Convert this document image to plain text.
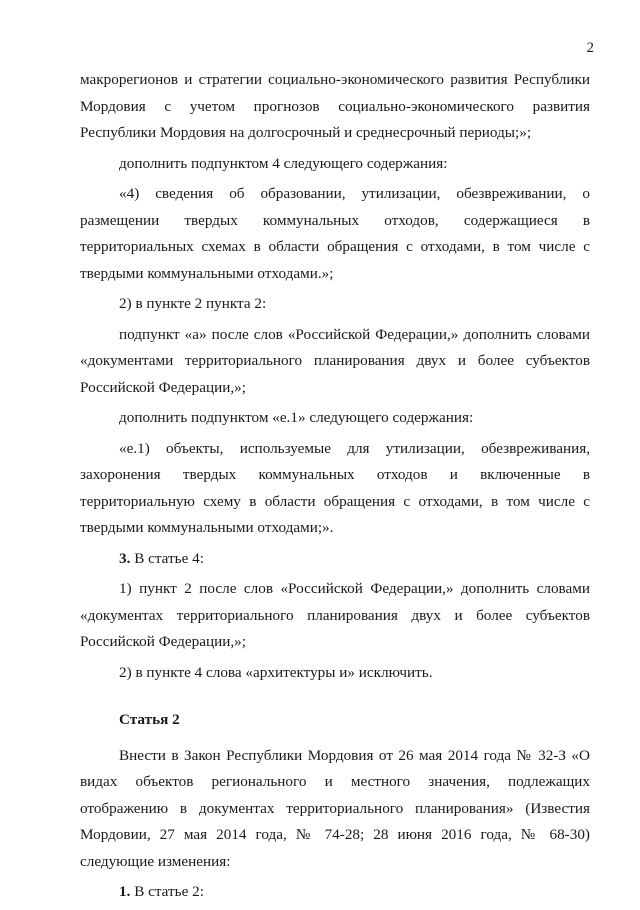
2

макрорегионов и стратегии социально-экономического развития Республики Мордовия с учетом прогнозов социально-экономического развития Республики Мордовия на долгосрочный и среднесрочный периоды;»;

дополнить подпунктом 4 следующего содержания:

«4) сведения об образовании, утилизации, обезвреживании, о размещении твердых коммунальных отходов, содержащиеся в территориальных схемах в области обращения с отходами, в том числе с твердыми коммунальными отходами.»;

2) в пункте 2 пункта 2:

подпункт «а» после слов «Российской Федерации,» дополнить словами «документами территориального планирования двух и более субъектов Российской Федерации,»;

дополнить подпунктом «е.1» следующего содержания:

«е.1) объекты, используемые для утилизации, обезвреживания, захоронения твердых коммунальных отходов и включенные в территориальную схему в области обращения с отходами, в том числе с твердыми коммунальными отходами;».

3. В статье 4:

1) пункт 2 после слов «Российской Федерации,» дополнить словами «документах территориального планирования двух и более субъектов Российской Федерации,»;

2) в пункте 4 слова «архитектуры и» исключить.

Статья 2

Внести в Закон Республики Мордовия от 26 мая 2014 года № 32-З «О видах объектов регионального и местного значения, подлежащих отображению в документах территориального планирования» (Известия Мордовии, 27 мая 2014 года, № 74-28; 28 июня 2016 года, № 68-30) следующие изменения:

1. В статье 2:
